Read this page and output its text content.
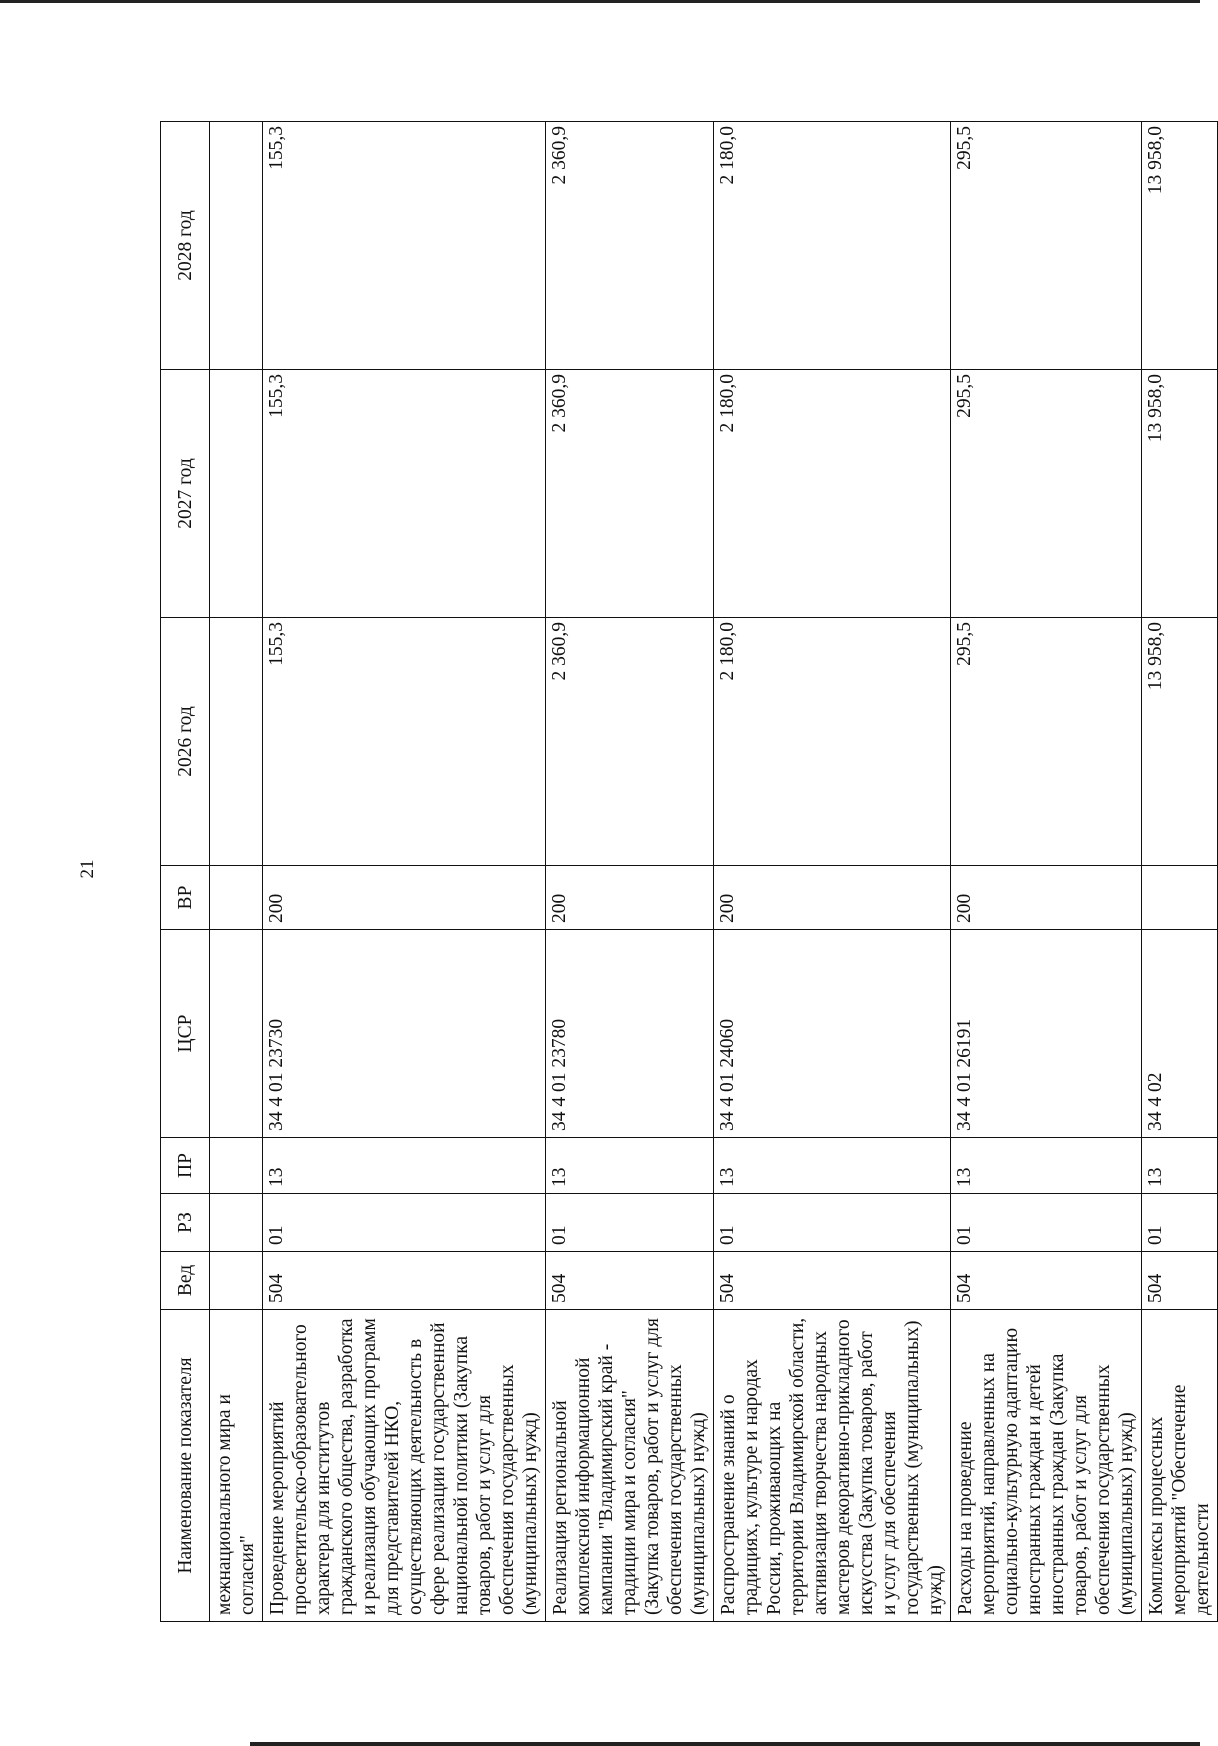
21
Наименование показателя	Вед	РЗ	ПР	ЦСР	ВР	2026 год	2027 год	2028 год
межнационального мира и согласия"								
Проведение мероприятий просветительско-образовательного характера для институтов гражданского общества, разработка и реализация обучающих программ для представителей НКО, осуществляющих деятельность в сфере реализации государственной национальной политики (Закупка товаров, работ и услуг для обеспечения государственных (муниципальных) нужд)	504	01	13	34 4 01 23730	200	155,3	155,3	155,3
Реализация региональной комплексной информационной кампании "Владимирский край - традиции мира и согласия" (Закупка товаров, работ и услуг для обеспечения государственных (муниципальных) нужд)	504	01	13	34 4 01 23780	200	2 360,9	2 360,9	2 360,9
Распространение знаний о традициях, культуре и народах России, проживающих на территории Владимирской области, активизация творчества народных мастеров декоративно-прикладного искусства (Закупка товаров, работ и услуг для обеспечения государственных (муниципальных) нужд)	504	01	13	34 4 01 24060	200	2 180,0	2 180,0	2 180,0
Расходы на проведение мероприятий, направленных на социально-культурную адаптацию иностранных граждан и детей иностранных граждан (Закупка товаров, работ и услуг для обеспечения государственных (муниципальных) нужд)	504	01	13	34 4 01 26191	200	295,5	295,5	295,5
Комплексы процессных мероприятий "Обеспечение деятельности	504	01	13	34 4 02		13 958,0	13 958,0	13 958,0
